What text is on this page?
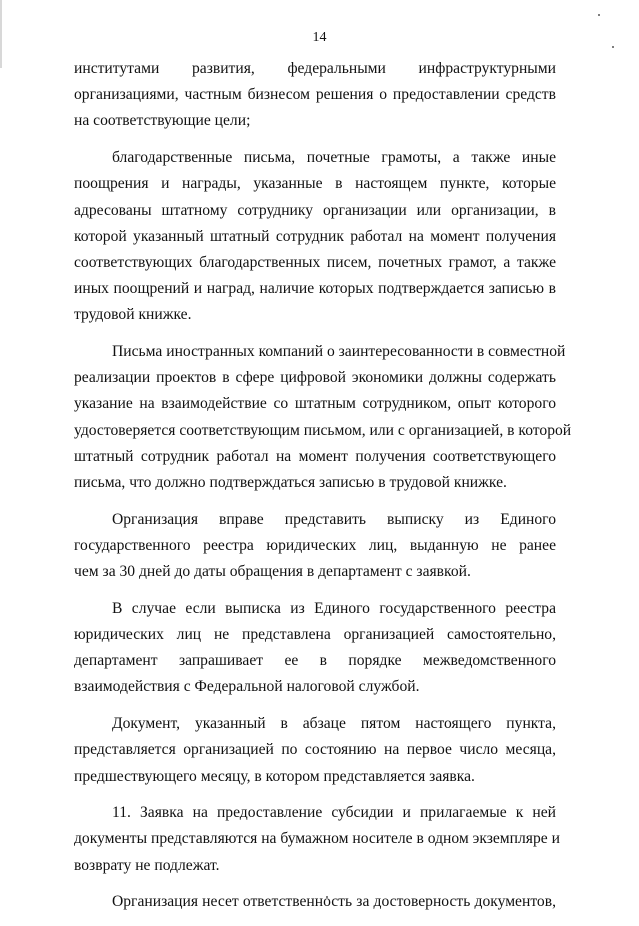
14
институтами развития, федеральными инфраструктурными
организациями, частным бизнесом решения о предоставлении средств
на соответствующие цели;
благодарственные письма, почетные грамоты, а также иные
поощрения и награды, указанные в настоящем пункте, которые
адресованы штатному сотруднику организации или организации, в
которой указанный штатный сотрудник работал на момент получения
соответствующих благодарственных писем, почетных грамот, а также
иных поощрений и наград, наличие которых подтверждается записью в
трудовой книжке.
Письма иностранных компаний о заинтересованности в совместной
реализации проектов в сфере цифровой экономики должны содержать
указание на взаимодействие со штатным сотрудником, опыт которого
удостоверяется соответствующим письмом, или с организацией, в которой
штатный сотрудник работал на момент получения соответствующего
письма, что должно подтверждаться записью в трудовой книжке.
Организация вправе представить выписку из Единого
государственного реестра юридических лиц, выданную не ранее
чем за 30 дней до даты обращения в департамент с заявкой.
В случае если выписка из Единого государственного реестра
юридических лиц не представлена организацией самостоятельно,
департамент запрашивает ее в порядке межведомственного
взаимодействия с Федеральной налоговой службой.
Документ, указанный в абзаце пятом настоящего пункта,
представляется организацией по состоянию на первое число месяца,
предшествующего месяцу, в котором представляется заявка.
11. Заявка на предоставление субсидии и прилагаемые к ней
документы представляются на бумажном носителе в одном экземпляре и
возврату не подлежат.
Организация несет ответственность за достоверность документов,
